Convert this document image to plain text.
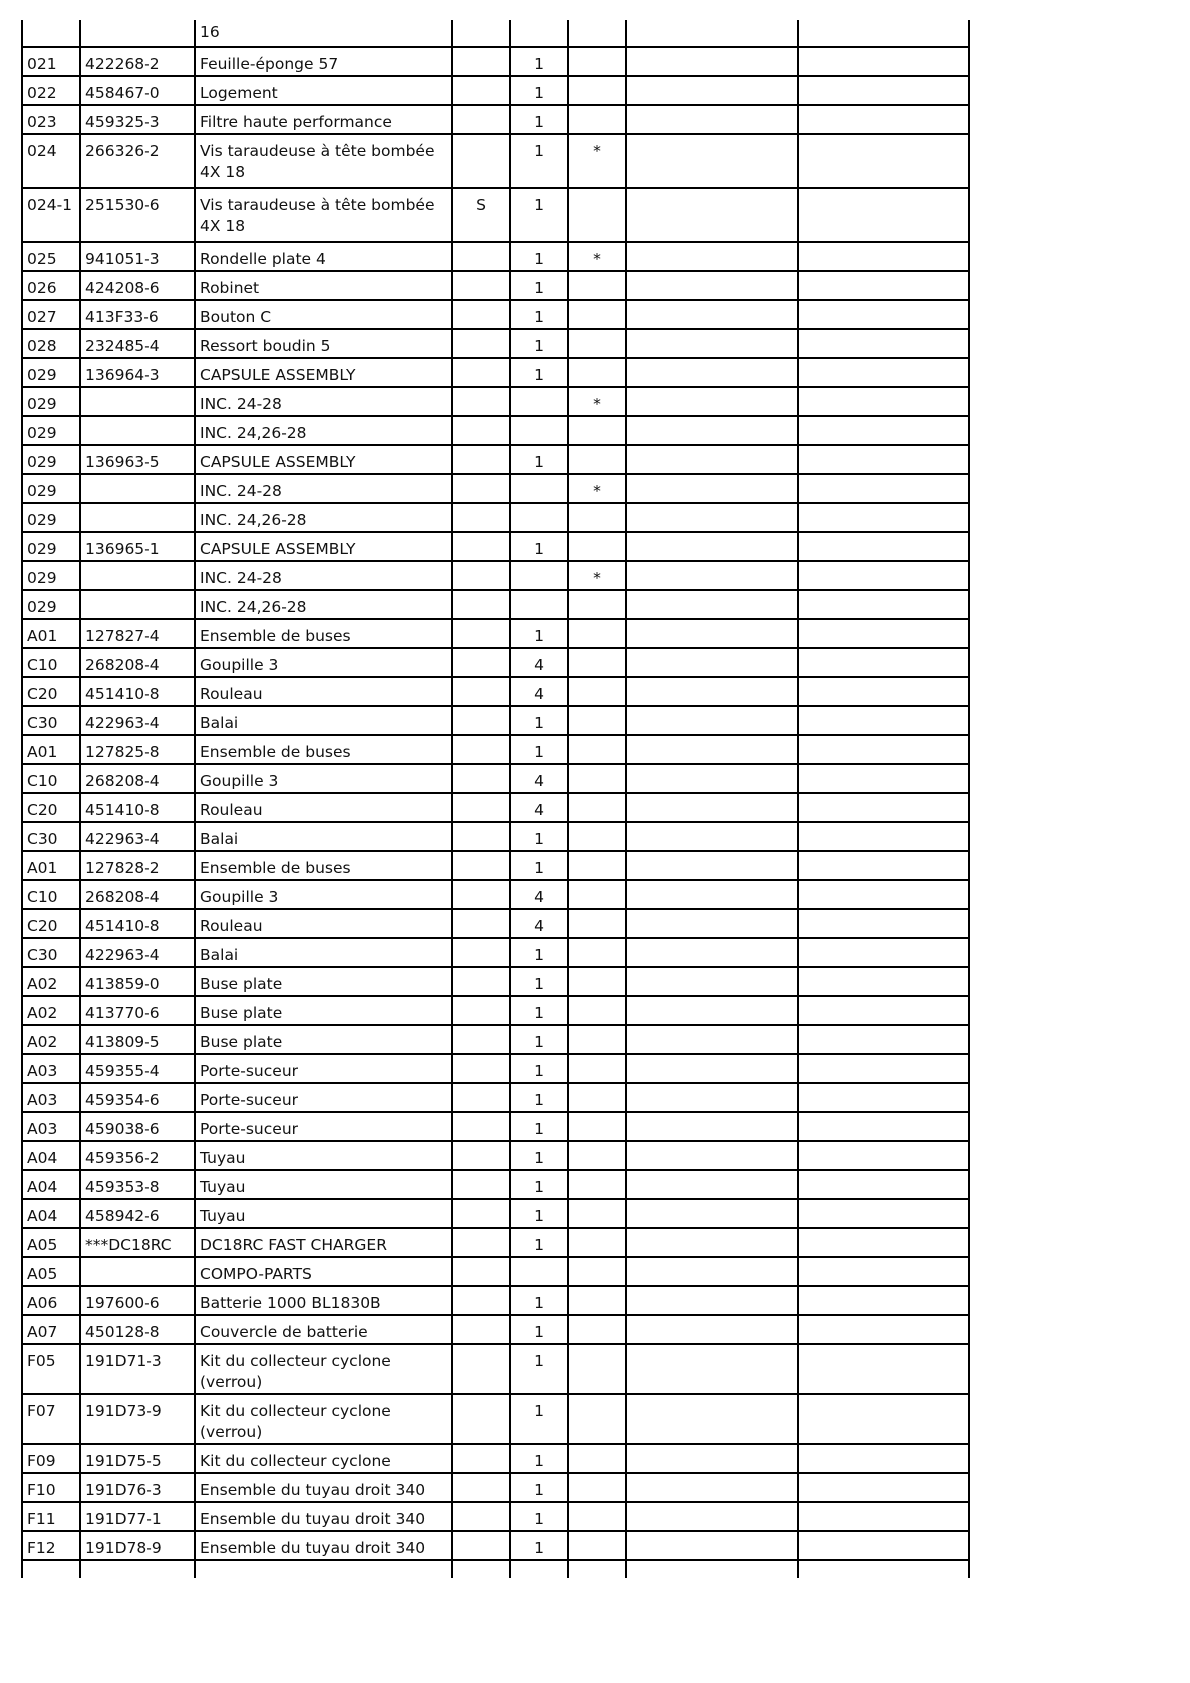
		16					
021	422268-2	Feuille-éponge 57		1			
022	458467-0	Logement		1			
023	459325-3	Filtre haute performance		1			
024	266326-2	Vis taraudeuse à tête bombée 4X 18		1	*		
024-1	251530-6	Vis taraudeuse à tête bombée 4X 18	S	1			
025	941051-3	Rondelle plate 4		1	*		
026	424208-6	Robinet		1			
027	413F33-6	Bouton C		1			
028	232485-4	Ressort boudin 5		1			
029	136964-3	CAPSULE ASSEMBLY		1			
029		INC. 24-28			*		
029		INC. 24,26-28					
029	136963-5	CAPSULE ASSEMBLY		1			
029		INC. 24-28			*		
029		INC. 24,26-28					
029	136965-1	CAPSULE ASSEMBLY		1			
029		INC. 24-28			*		
029		INC. 24,26-28					
A01	127827-4	Ensemble de buses		1			
C10	268208-4	Goupille 3		4			
C20	451410-8	Rouleau		4			
C30	422963-4	Balai		1			
A01	127825-8	Ensemble de buses		1			
C10	268208-4	Goupille 3		4			
C20	451410-8	Rouleau		4			
C30	422963-4	Balai		1			
A01	127828-2	Ensemble de buses		1			
C10	268208-4	Goupille 3		4			
C20	451410-8	Rouleau		4			
C30	422963-4	Balai		1			
A02	413859-0	Buse plate		1			
A02	413770-6	Buse plate		1			
A02	413809-5	Buse plate		1			
A03	459355-4	Porte-suceur		1			
A03	459354-6	Porte-suceur		1			
A03	459038-6	Porte-suceur		1			
A04	459356-2	Tuyau		1			
A04	459353-8	Tuyau		1			
A04	458942-6	Tuyau		1			
A05	***DC18RC	DC18RC FAST CHARGER		1			
A05		COMPO-PARTS					
A06	197600-6	Batterie 1000 BL1830B		1			
A07	450128-8	Couvercle de batterie		1			
F05	191D71-3	Kit du collecteur cyclone (verrou)		1			
F07	191D73-9	Kit du collecteur cyclone (verrou)		1			
F09	191D75-5	Kit du collecteur cyclone		1			
F10	191D76-3	Ensemble du tuyau droit 340		1			
F11	191D77-1	Ensemble du tuyau droit 340		1			
F12	191D78-9	Ensemble du tuyau droit 340		1			
